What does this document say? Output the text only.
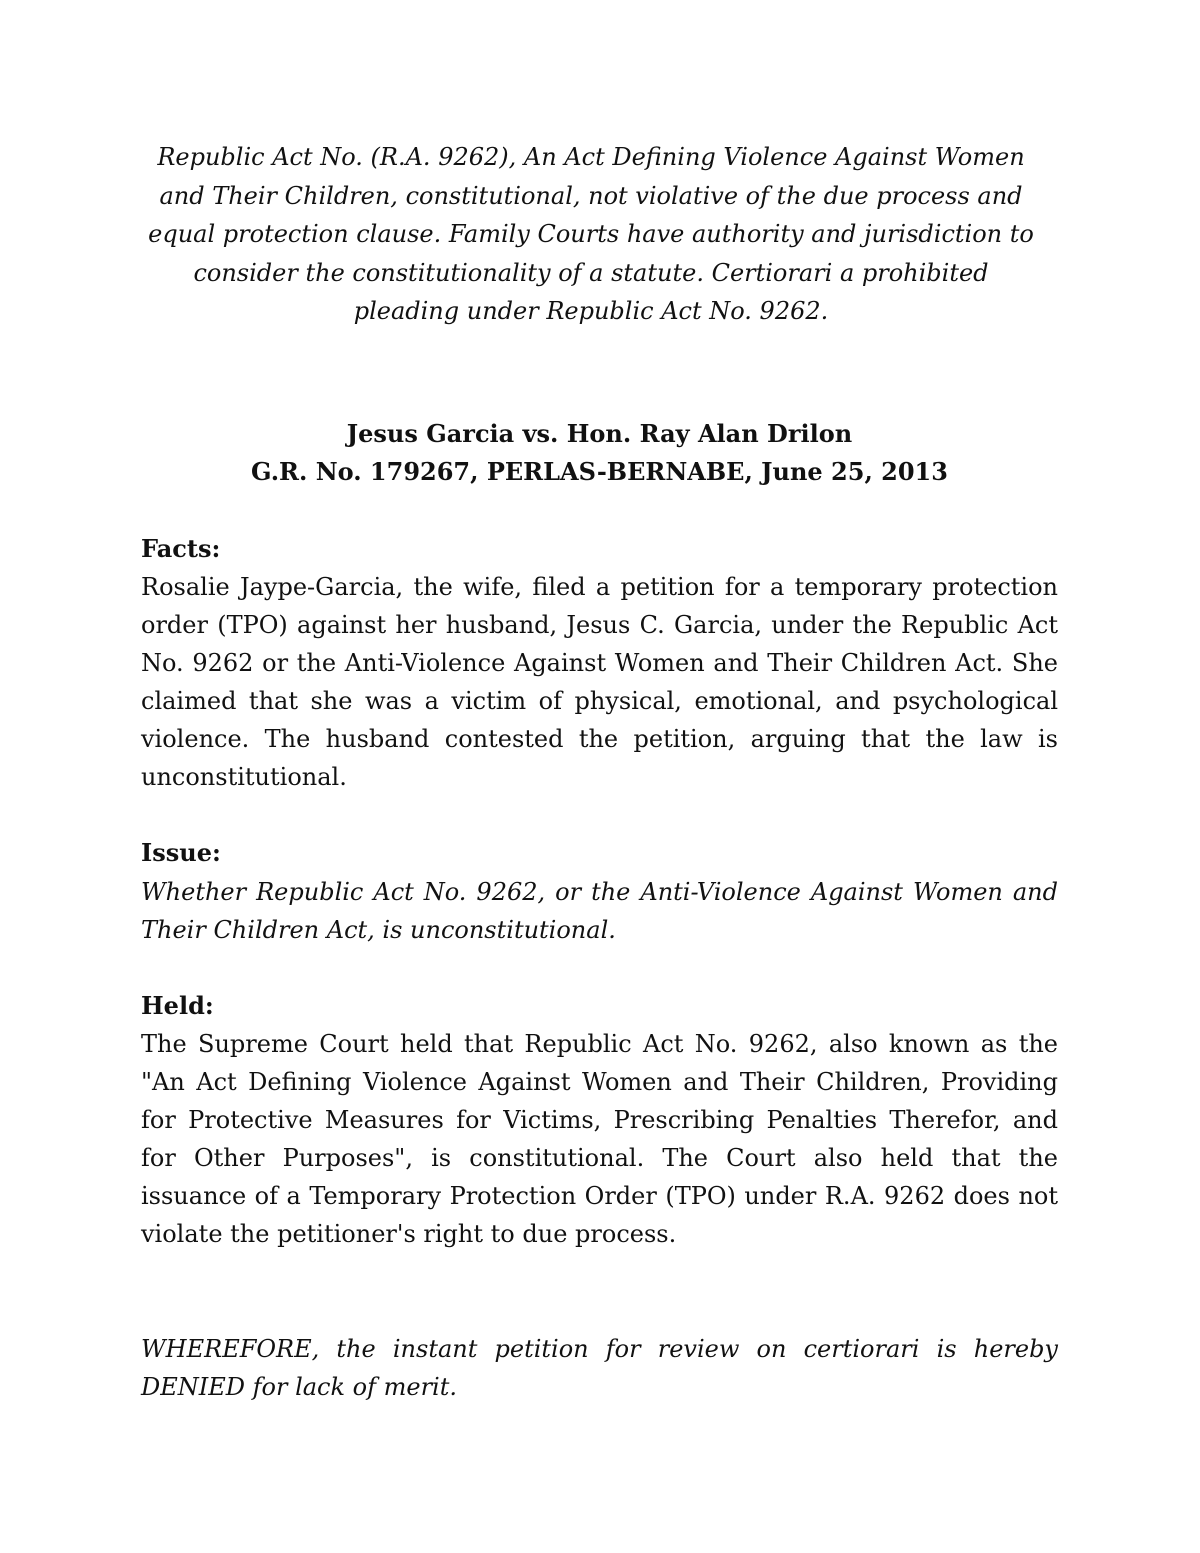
Republic Act No. (R.A. 9262), An Act Defining Violence Against Women and Their Children, constitutional, not violative of the due process and equal protection clause. Family Courts have authority and jurisdiction to consider the constitutionality of a statute. Certiorari a prohibited pleading under Republic Act No. 9262.

Jesus Garcia vs. Hon. Ray Alan Drilon
G.R. No. 179267, PERLAS-BERNABE, June 25, 2013

Facts:

Rosalie Jaype-Garcia, the wife, filed a petition for a temporary protection order (TPO) against her husband, Jesus C. Garcia, under the Republic Act No. 9262 or the Anti-Violence Against Women and Their Children Act. She claimed that she was a victim of physical, emotional, and psychological violence. The husband contested the petition, arguing that the law is unconstitutional.

Issue:

Whether Republic Act No. 9262, or the Anti-Violence Against Women and Their Children Act, is unconstitutional.

Held:

The Supreme Court held that Republic Act No. 9262, also known as the "An Act Defining Violence Against Women and Their Children, Providing for Protective Measures for Victims, Prescribing Penalties Therefor, and for Other Purposes", is constitutional. The Court also held that the issuance of a Temporary Protection Order (TPO) under R.A. 9262 does not violate the petitioner's right to due process.

WHEREFORE, the instant petition for review on certiorari is hereby DENIED for lack of merit.
